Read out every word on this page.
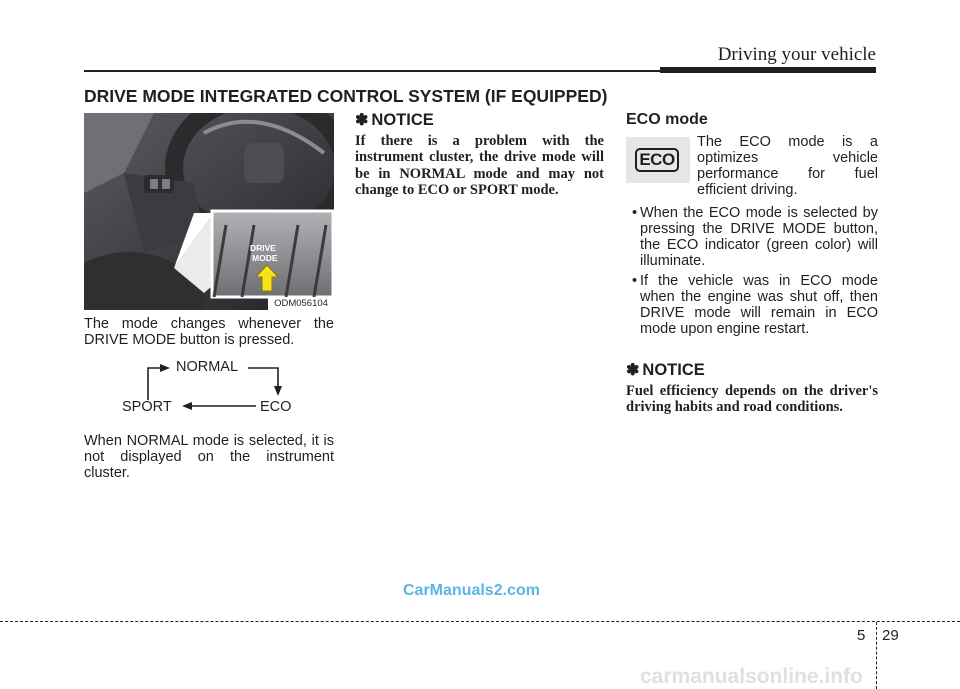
Driving your vehicle
DRIVE MODE INTEGRATED CONTROL SYSTEM (IF EQUIPPED)
DRIVE
MODE
ODM056104
The mode changes whenever the DRIVE MODE button is pressed.
NORMAL
SPORT	ECO
When NORMAL mode is selected, it is not displayed on the instrument cluster.
✽ NOTICE
If there is a problem with the instrument cluster, the drive mode will be in NORMAL mode and may not change to ECO or SPORT mode.
ECO mode
ECO
The ECO mode is a optimizes vehicle performance for fuel efficient driving.
• When the ECO mode is selected by pressing the DRIVE MODE button, the ECO indicator (green color) will illuminate.
• If the vehicle was in ECO mode when the engine was shut off, then DRIVE mode will remain in ECO mode upon engine restart.
✽ NOTICE
Fuel efficiency depends on the driver's driving habits and road conditions.
CarManuals2.com
5 29
carmanualsonline.info
